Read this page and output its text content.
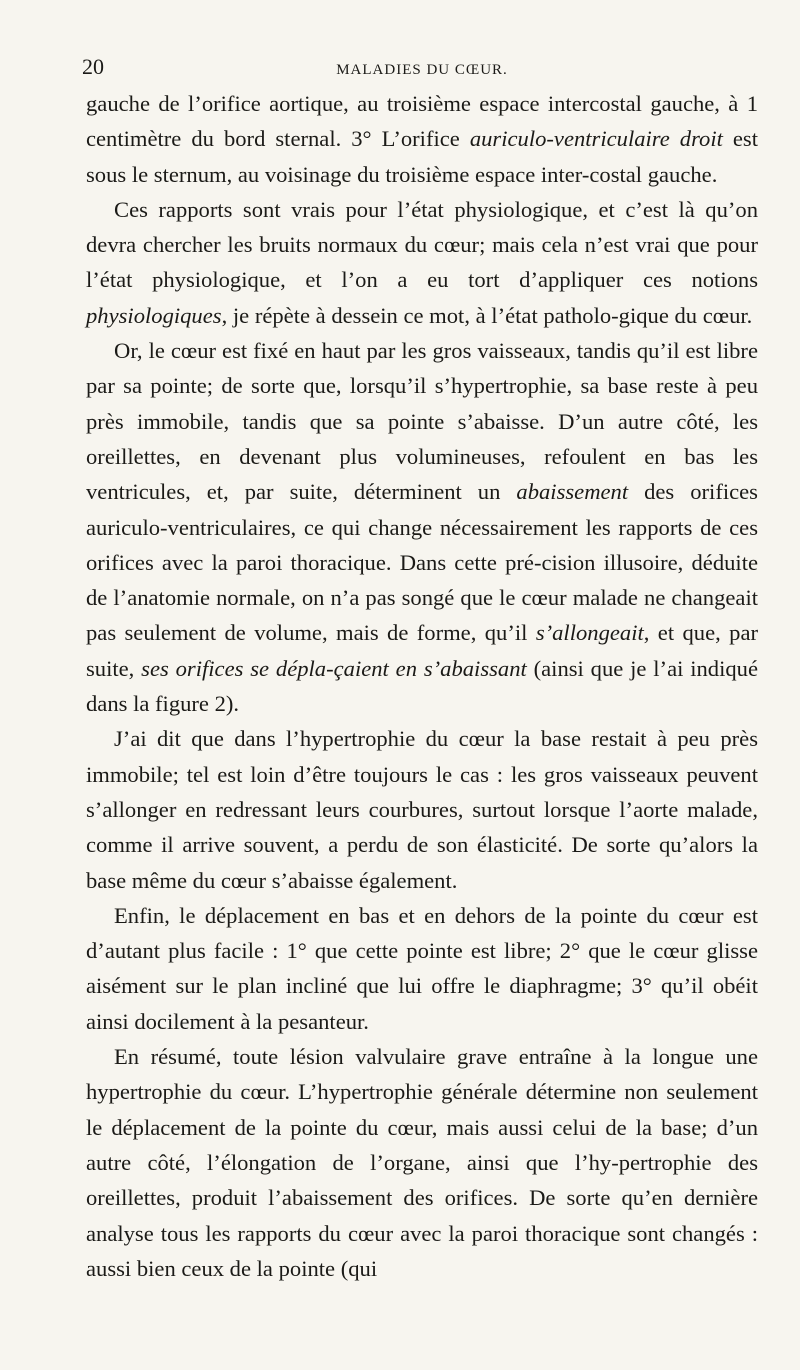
20	MALADIES DU CŒUR.

gauche de l’orifice aortique, au troisième espace intercostal gauche, à 1 centimètre du bord sternal. 3° L’orifice auriculo-ventriculaire droit est sous le sternum, au voisinage du troisième espace inter-costal gauche.

Ces rapports sont vrais pour l’état physiologique, et c’est là qu’on devra chercher les bruits normaux du cœur; mais cela n’est vrai que pour l’état physiologique, et l’on a eu tort d’appliquer ces notions physiologiques, je répète à dessein ce mot, à l’état patholo-gique du cœur.

Or, le cœur est fixé en haut par les gros vaisseaux, tandis qu’il est libre par sa pointe; de sorte que, lorsqu’il s’hypertrophie, sa base reste à peu près immobile, tandis que sa pointe s’abaisse. D’un autre côté, les oreillettes, en devenant plus volumineuses, refoulent en bas les ventricules, et, par suite, déterminent un abaissement des orifices auriculo-ventriculaires, ce qui change nécessairement les rapports de ces orifices avec la paroi thoracique. Dans cette pré-cision illusoire, déduite de l’anatomie normale, on n’a pas songé que le cœur malade ne changeait pas seulement de volume, mais de forme, qu’il s’allongeait, et que, par suite, ses orifices se dépla-çaient en s’abaissant (ainsi que je l’ai indiqué dans la figure 2).

J’ai dit que dans l’hypertrophie du cœur la base restait à peu près immobile; tel est loin d’être toujours le cas : les gros vaisseaux peuvent s’allonger en redressant leurs courbures, surtout lorsque l’aorte malade, comme il arrive souvent, a perdu de son élasticité. De sorte qu’alors la base même du cœur s’abaisse également.

Enfin, le déplacement en bas et en dehors de la pointe du cœur est d’autant plus facile : 1° que cette pointe est libre; 2° que le cœur glisse aisément sur le plan incliné que lui offre le diaphragme; 3° qu’il obéit ainsi docilement à la pesanteur.

En résumé, toute lésion valvulaire grave entraîne à la longue une hypertrophie du cœur. L’hypertrophie générale détermine non seulement le déplacement de la pointe du cœur, mais aussi celui de la base; d’un autre côté, l’élongation de l’organe, ainsi que l’hy-pertrophie des oreillettes, produit l’abaissement des orifices. De sorte qu’en dernière analyse tous les rapports du cœur avec la paroi thoracique sont changés : aussi bien ceux de la pointe (qui
